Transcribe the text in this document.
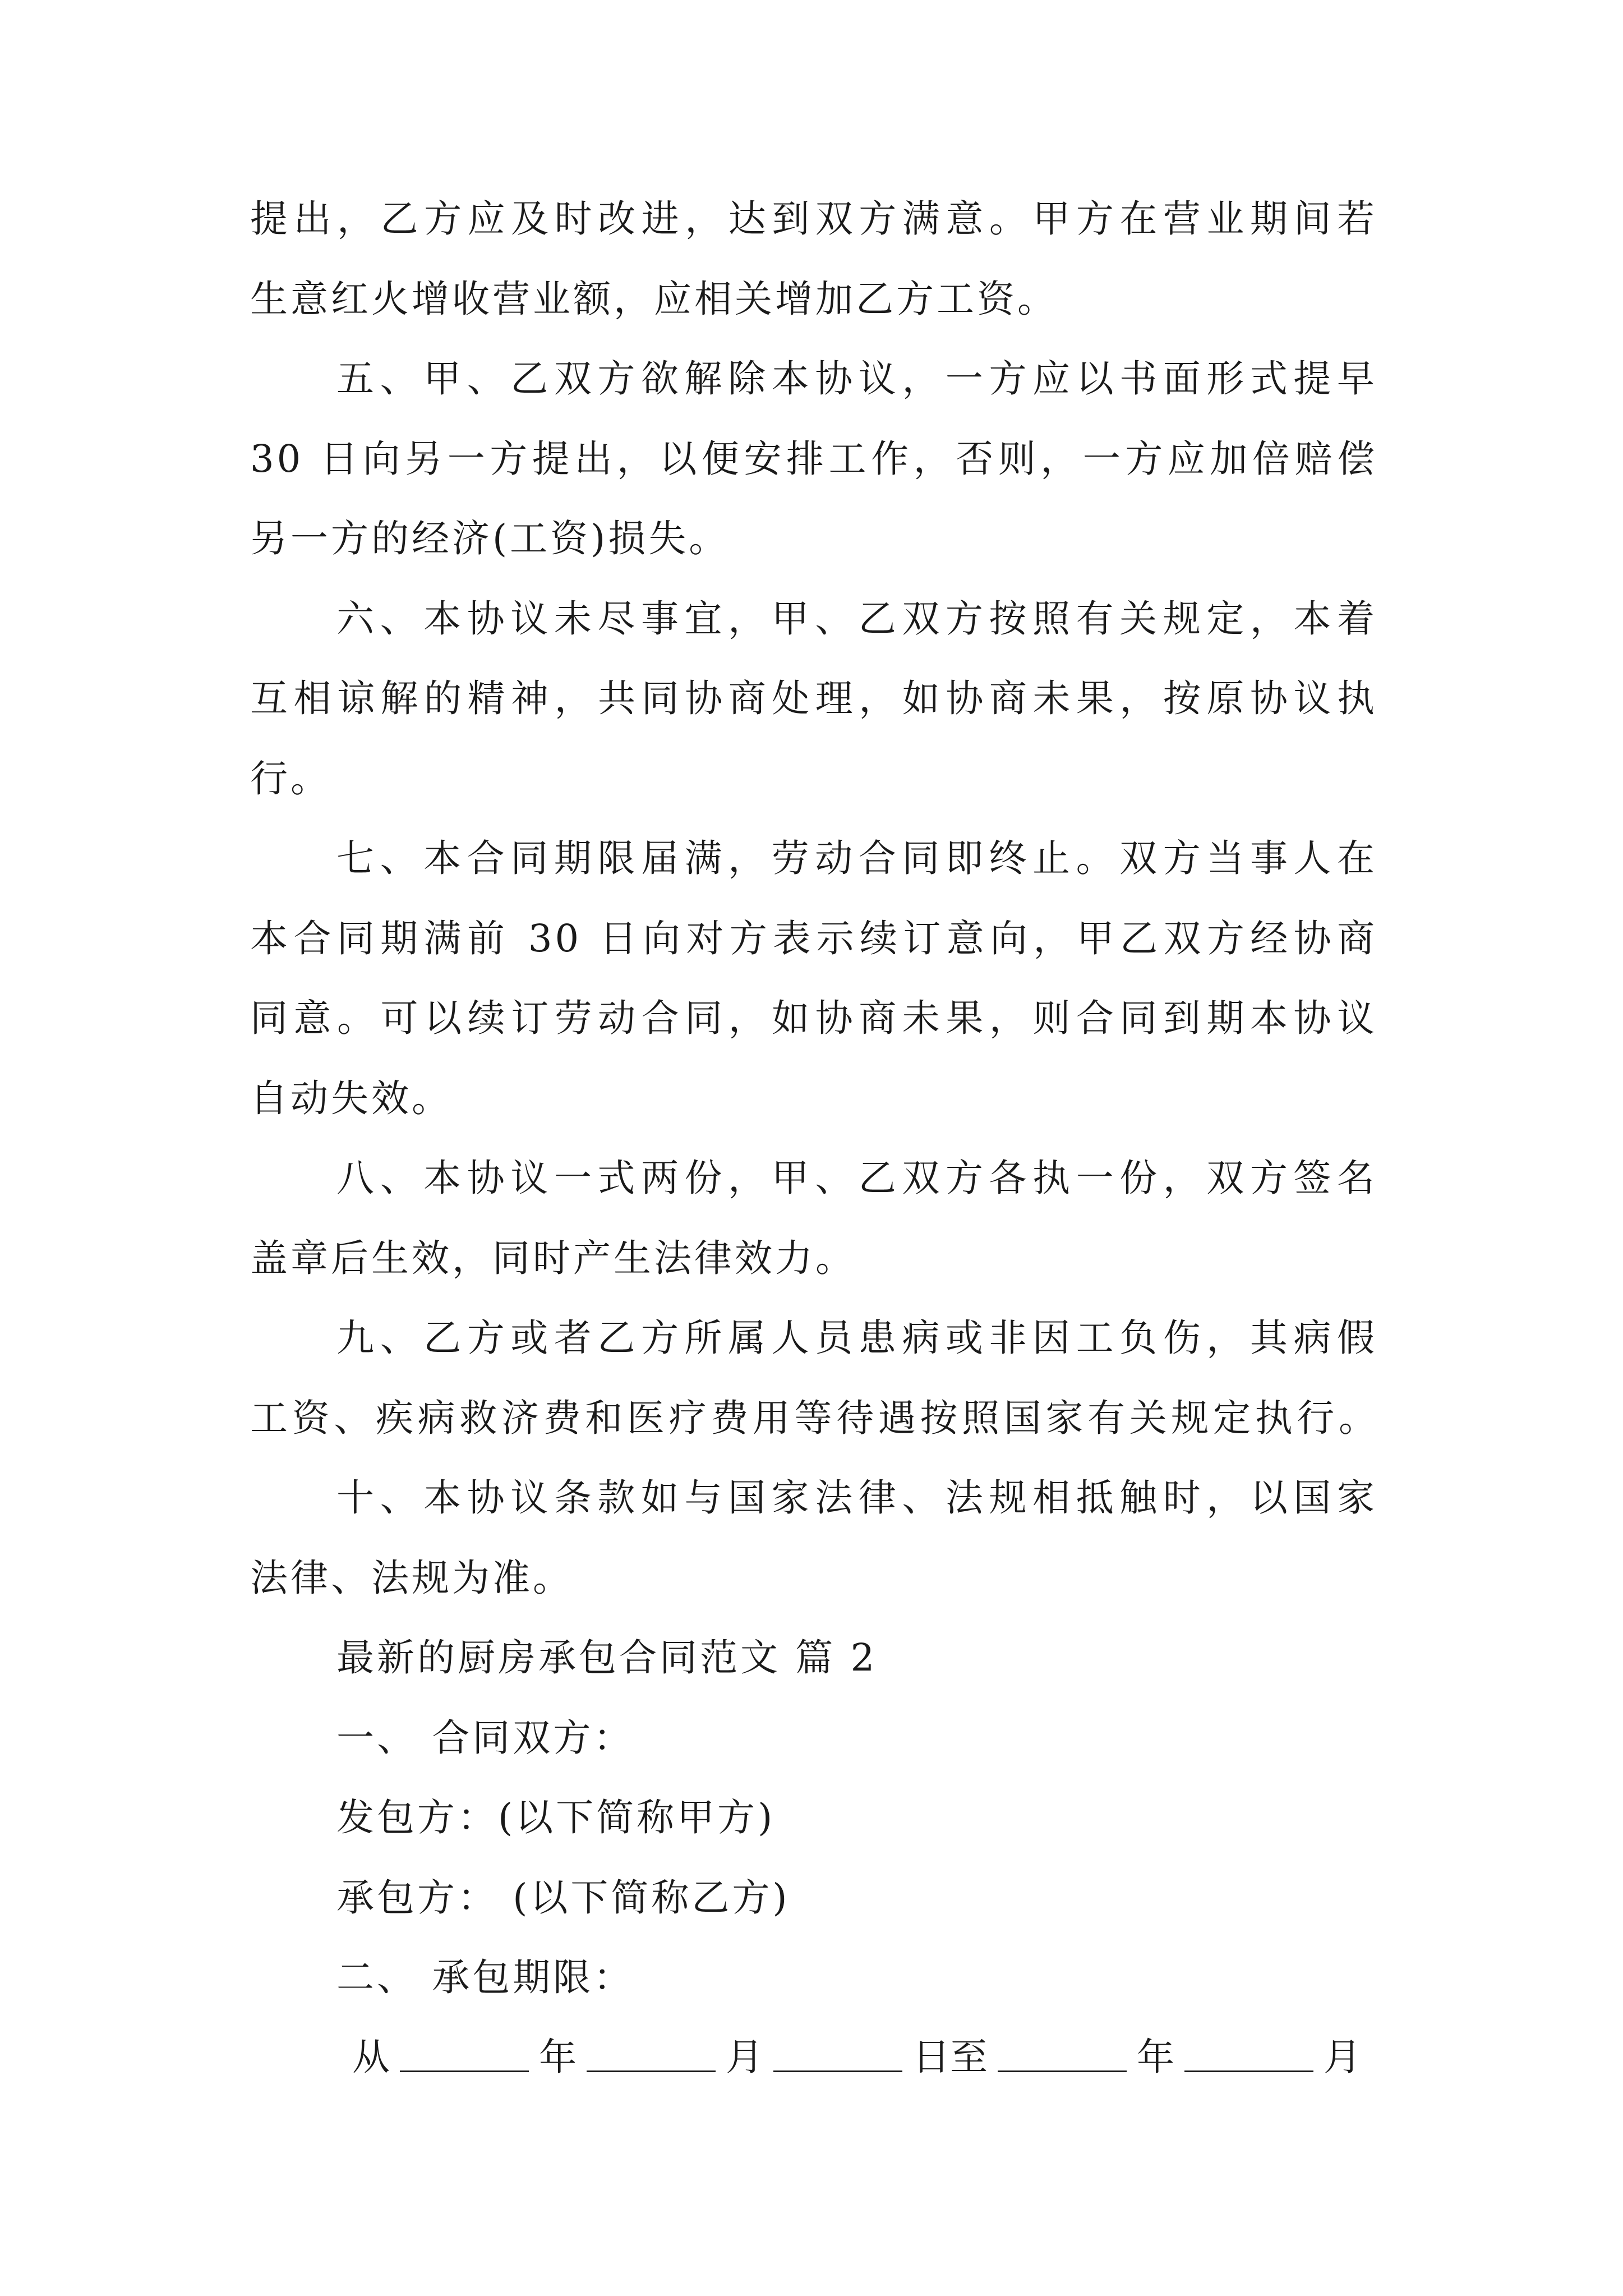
提出，乙方应及时改进，达到双方满意。甲方在营业期间若
生意红火增收营业额，应相关增加乙方工资。
五、甲、乙双方欲解除本协议，一方应以书面形式提早
30 日向另一方提出，以便安排工作，否则，一方应加倍赔偿
另一方的经济(工资)损失。
六、本协议未尽事宜，甲、乙双方按照有关规定，本着
互相谅解的精神，共同协商处理，如协商未果，按原协议执
行。
七、本合同期限届满，劳动合同即终止。双方当事人在
本合同期满前 30 日向对方表示续订意向，甲乙双方经协商
同意。可以续订劳动合同，如协商未果，则合同到期本协议
自动失效。
八、本协议一式两份，甲、乙双方各执一份，双方签名
盖章后生效，同时产生法律效力。
九、乙方或者乙方所属人员患病或非因工负伤，其病假
工资、疾病救济费和医疗费用等待遇按照国家有关规定执行。
十、本协议条款如与国家法律、法规相抵触时，以国家
法律、法规为准。
最新的厨房承包合同范文 篇 2
一、 合同双方：
发包方：(以下简称甲方)
承包方： (以下简称乙方)
二、 承包期限：
从	年	月	日至	年	月
